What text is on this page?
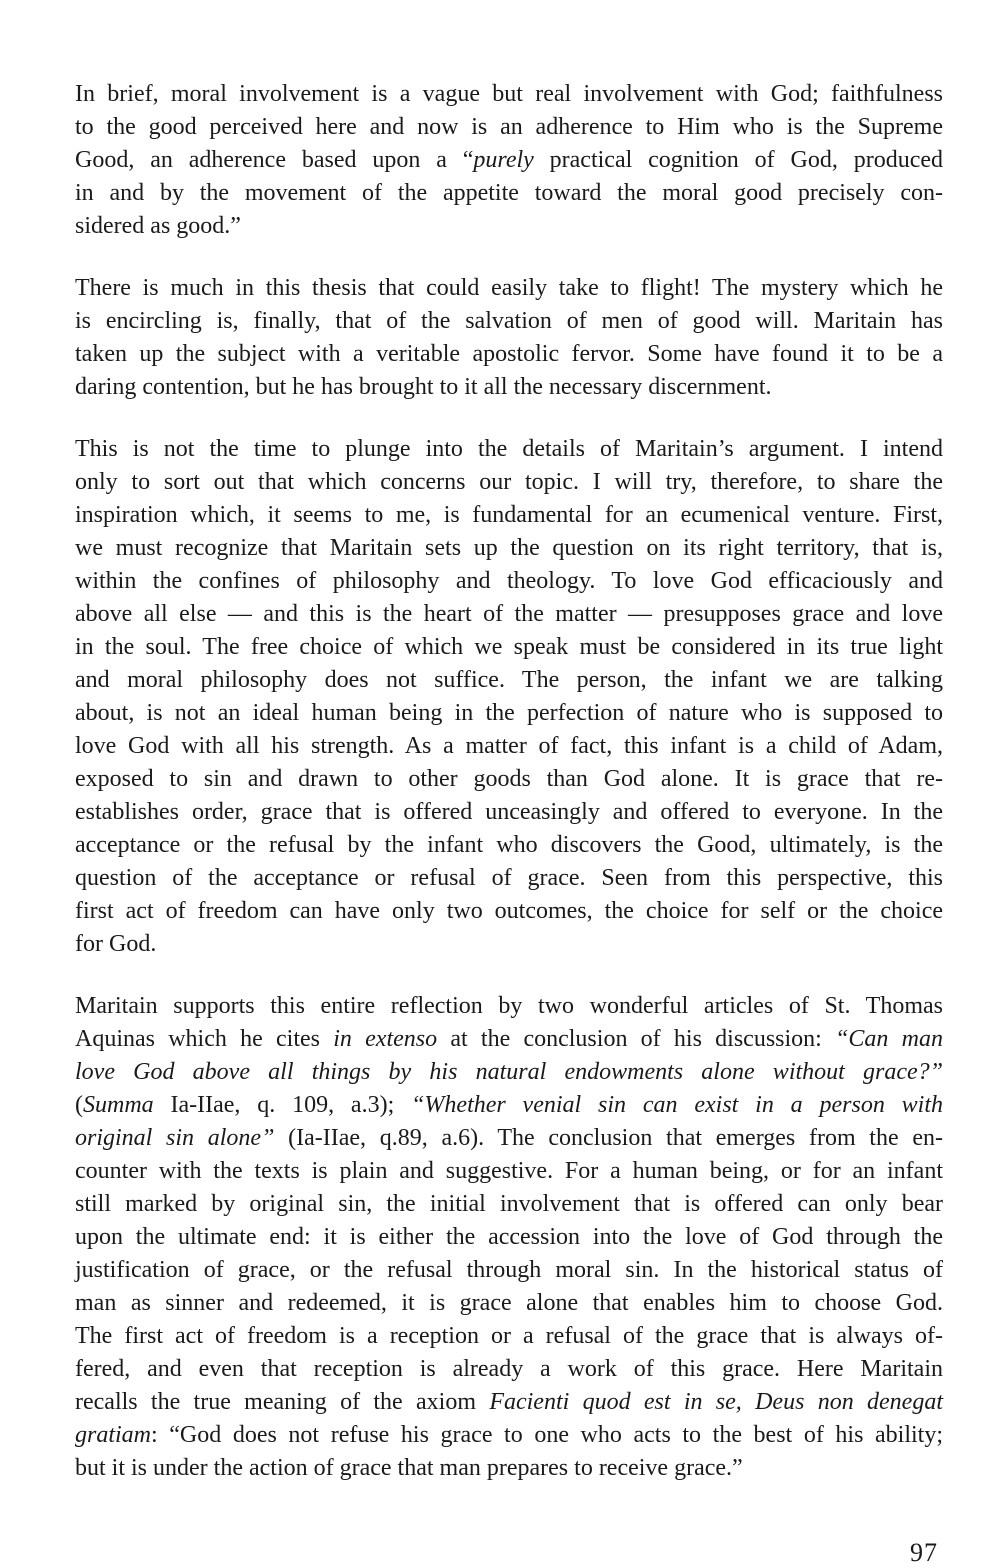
In brief, moral involvement is a vague but real involvement with God; faithfulness
to the good perceived here and now is an adherence to Him who is the Supreme
Good, an adherence based upon a “purely practical cognition of God, produced
in and by the movement of the appetite toward the moral good precisely con-
sidered as good.”

There is much in this thesis that could easily take to flight! The mystery which he
is encircling is, finally, that of the salvation of men of good will. Maritain has
taken up the subject with a veritable apostolic fervor. Some have found it to be a
daring contention, but he has brought to it all the necessary discernment.

This is not the time to plunge into the details of Maritain’s argument. I intend
only to sort out that which concerns our topic. I will try, therefore, to share the
inspiration which, it seems to me, is fundamental for an ecumenical venture. First,
we must recognize that Maritain sets up the question on its right territory, that is,
within the confines of philosophy and theology. To love God efficaciously and
above all else — and this is the heart of the matter — presupposes grace and love
in the soul. The free choice of which we speak must be considered in its true light
and moral philosophy does not suffice. The person, the infant we are talking
about, is not an ideal human being in the perfection of nature who is supposed to
love God with all his strength. As a matter of fact, this infant is a child of Adam,
exposed to sin and drawn to other goods than God alone. It is grace that re-
establishes order, grace that is offered unceasingly and offered to everyone. In the
acceptance or the refusal by the infant who discovers the Good, ultimately, is the
question of the acceptance or refusal of grace. Seen from this perspective, this
first act of freedom can have only two outcomes, the choice for self or the choice
for God.

Maritain supports this entire reflection by two wonderful articles of St. Thomas
Aquinas which he cites in extenso at the conclusion of his discussion: “Can man
love God above all things by his natural endowments alone without grace?”
(Summa Ia-IIae, q. 109, a.3); “Whether venial sin can exist in a person with
original sin alone” (Ia-IIae, q.89, a.6). The conclusion that emerges from the en-
counter with the texts is plain and suggestive. For a human being, or for an infant
still marked by original sin, the initial involvement that is offered can only bear
upon the ultimate end: it is either the accession into the love of God through the
justification of grace, or the refusal through moral sin. In the historical status of
man as sinner and redeemed, it is grace alone that enables him to choose God.
The first act of freedom is a reception or a refusal of the grace that is always of-
fered, and even that reception is already a work of this grace. Here Maritain
recalls the true meaning of the axiom Facienti quod est in se, Deus non denegat
gratiam: “God does not refuse his grace to one who acts to the best of his ability;
but it is under the action of grace that man prepares to receive grace.”

97
